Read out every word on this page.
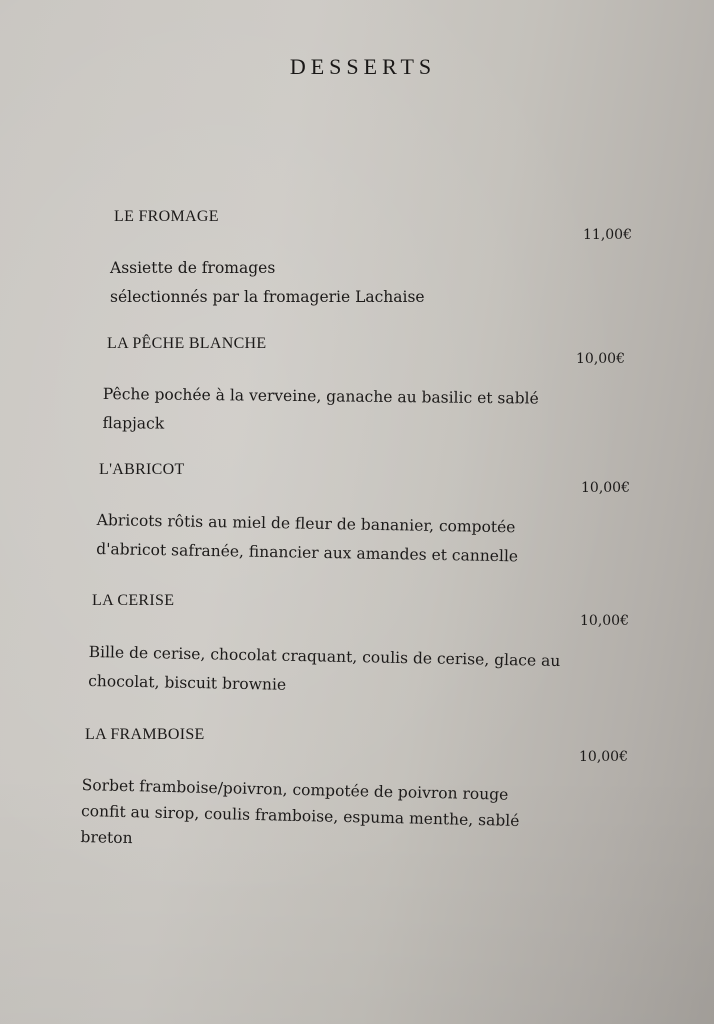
DESSERTS
LE FROMAGE
11,00€
Assiette de fromages
sélectionnés par la fromagerie Lachaise
LA PÊCHE BLANCHE
10,00€
Pêche pochée à la verveine, ganache au basilic et sablé
flapjack
L'ABRICOT
10,00€
Abricots rôtis au miel de fleur de bananier, compotée
d'abricot safranée, financier aux amandes et cannelle
LA CERISE
10,00€
Bille de cerise, chocolat craquant, coulis de cerise, glace au
chocolat, biscuit brownie
LA FRAMBOISE
10,00€
Sorbet framboise/poivron, compotée de poivron rouge
confit au sirop, coulis framboise, espuma menthe, sablé
breton
